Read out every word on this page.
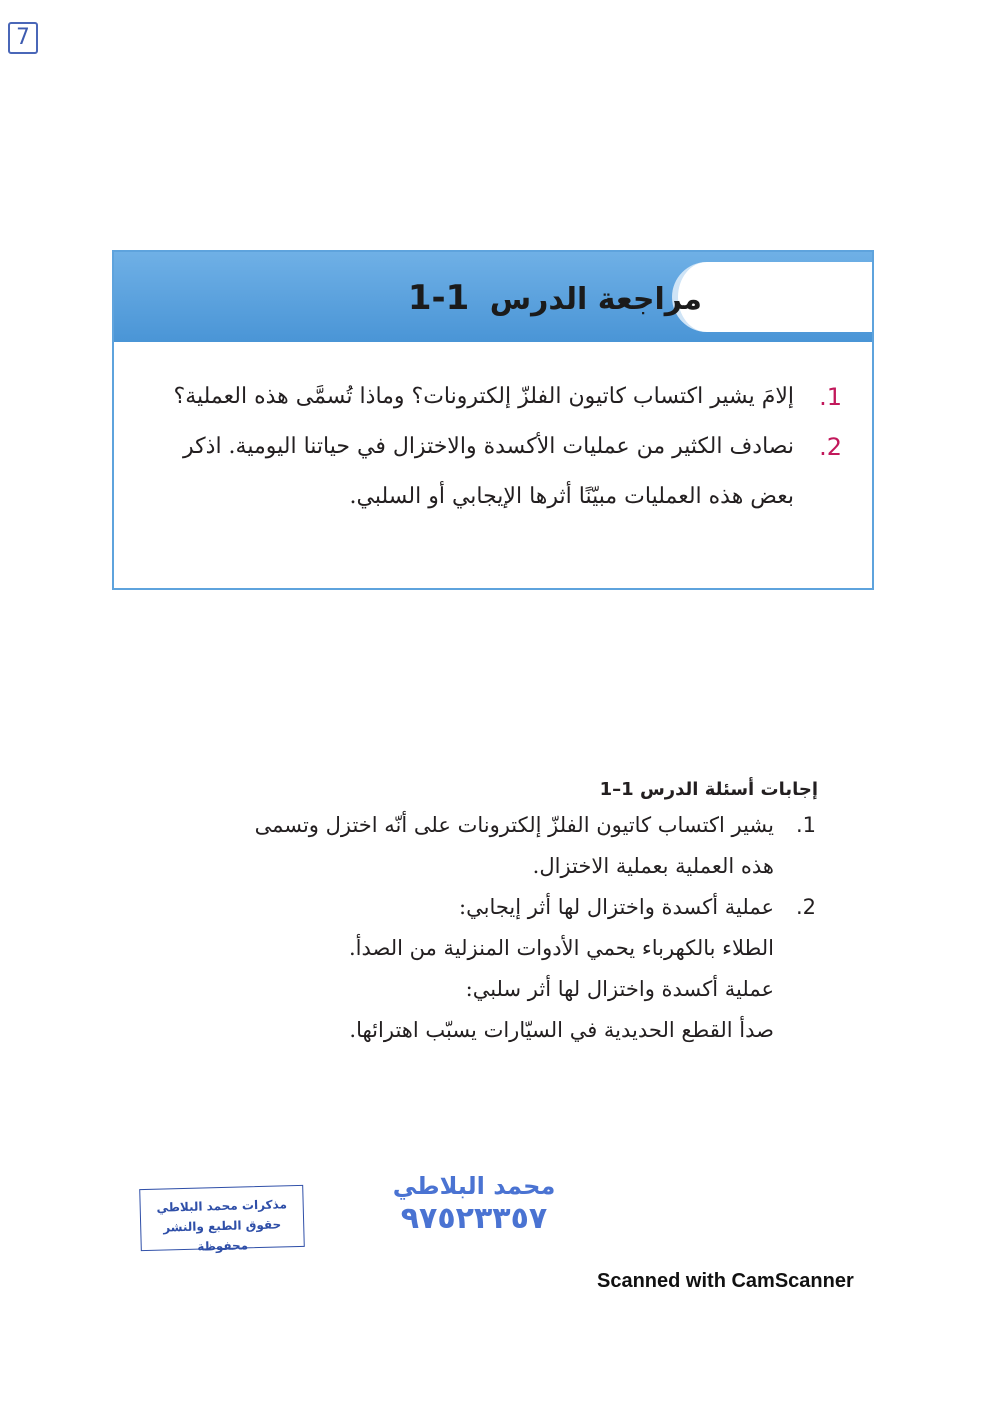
7
مراجعة الدرس 1-1
1.
إلامَ يشير اكتساب كاتيون الفلزّ إلكترونات؟ وماذا تُسمَّى هذه العملية؟
2.
نصادف الكثير من عمليات الأكسدة والاختزال في حياتنا اليومية. اذكر بعض هذه العمليات مبيّنًا أثرها الإيجابي أو السلبي.
إجابات أسئلة الدرس 1–1
1.
يشير اكتساب كاتيون الفلزّ إلكترونات على أنّه اختزل وتسمى
هذه العملية بعملية الاختزال.
2.
عملية أكسدة واختزال لها أثر إيجابي:
الطلاء بالكهرباء يحمي الأدوات المنزلية من الصدأ.
عملية أكسدة واختزال لها أثر سلبي:
صدأ القطع الحديدية في السيّارات يسبّب اهترائها.
مذكرات محمد البلاطي
حقوق الطبع والنشر محفوظة
محمد البلاطي
٩٧٥٢٣٣٥٧
Scanned with CamScanner
